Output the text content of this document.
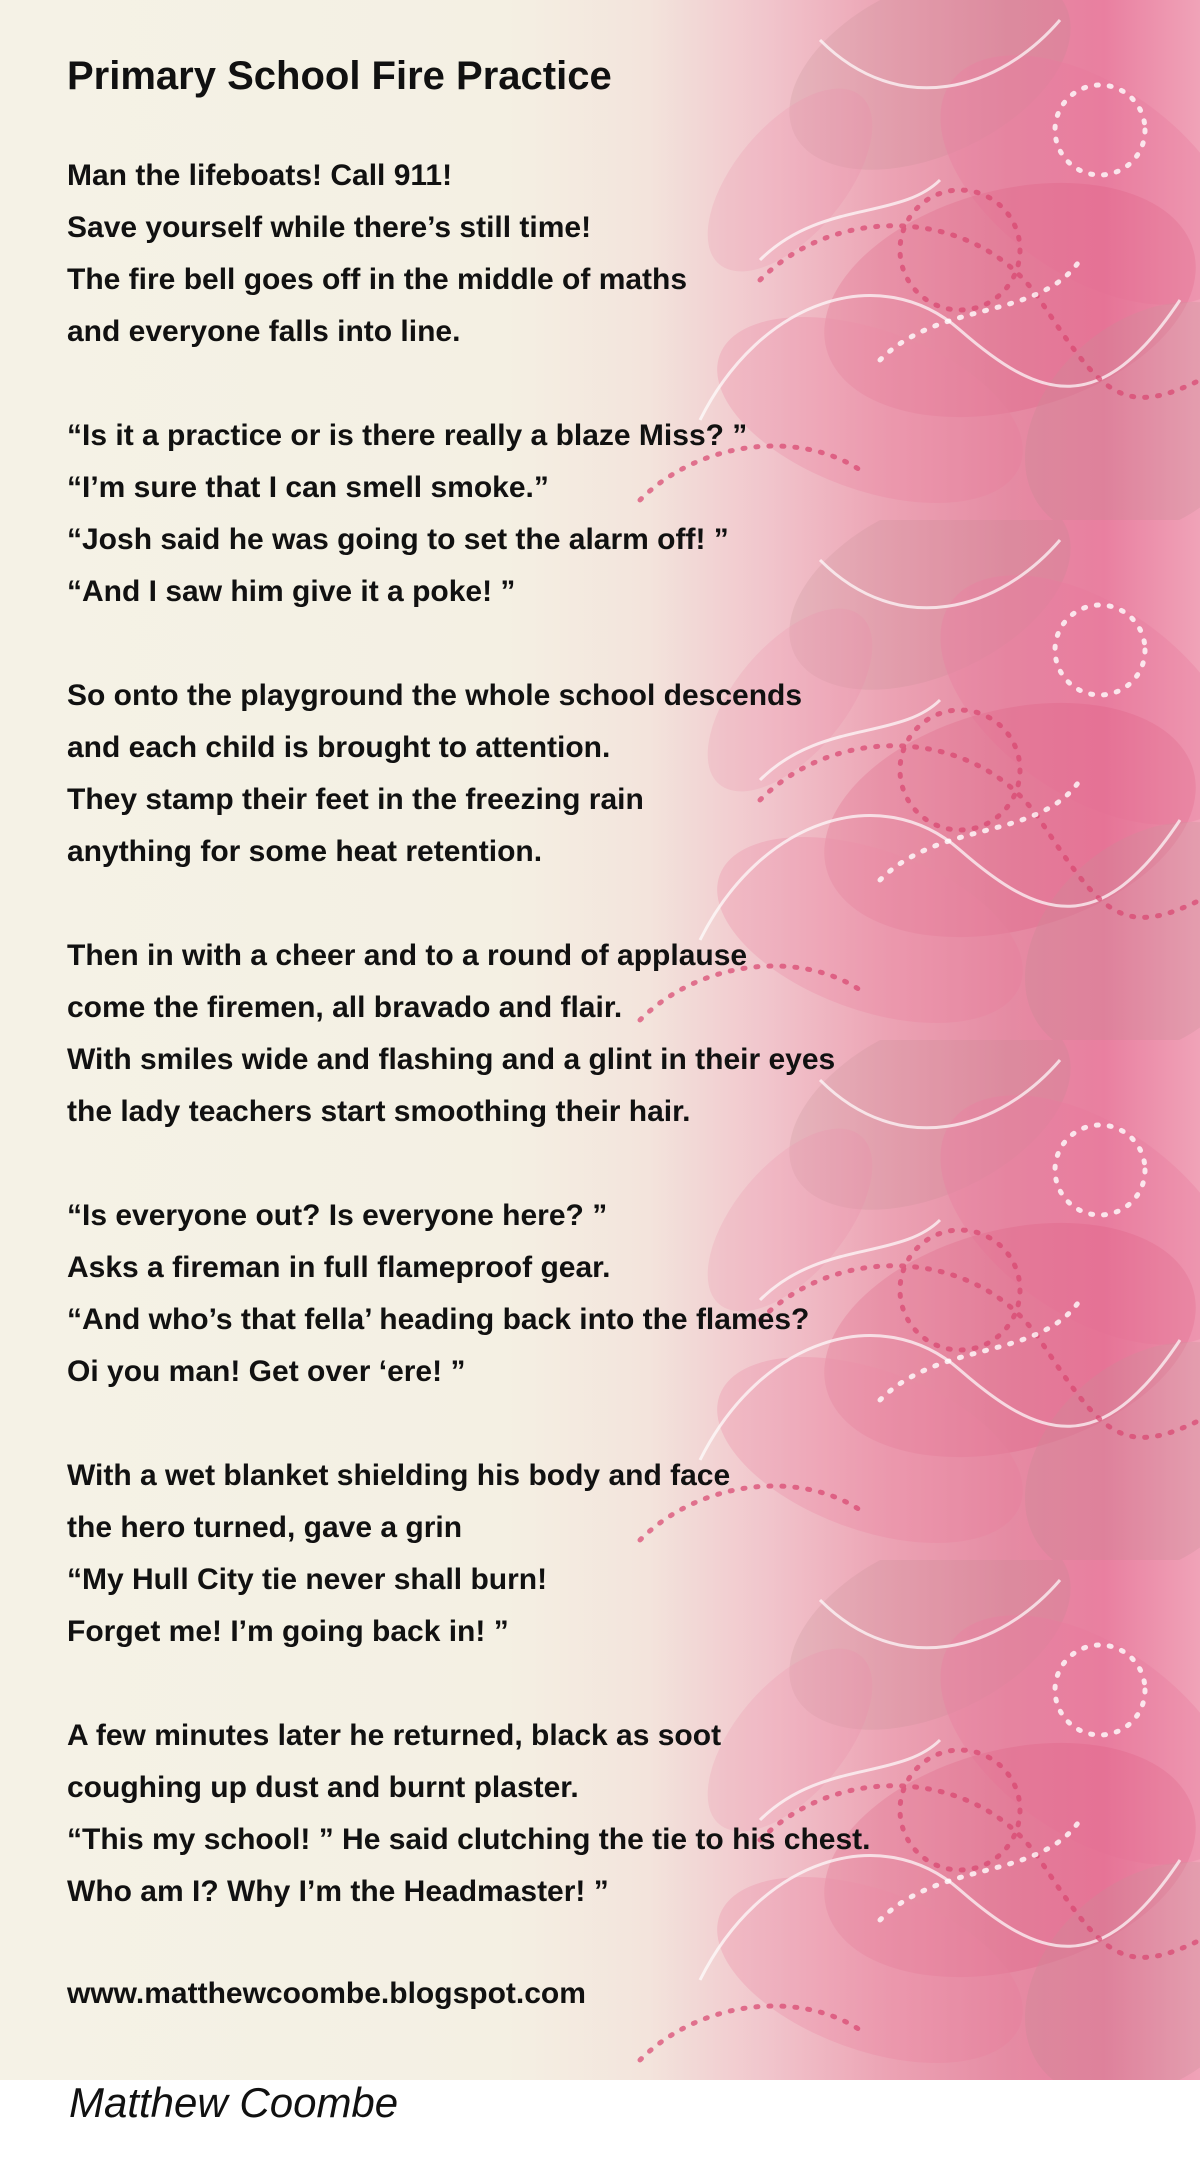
Primary School Fire Practice
Man the lifeboats! Call 911!
Save yourself while there’s still time!
The fire bell goes off in the middle of maths
and everyone falls into line.
“Is it a practice or is there really a blaze Miss? ”
“I’m sure that I can smell smoke.”
“Josh said he was going to set the alarm off! ”
“And I saw him give it a poke! ”
So onto the playground the whole school descends
and each child is brought to attention.
They stamp their feet in the freezing rain
anything for some heat retention.
Then in with a cheer and to a round of applause
come the firemen, all bravado and flair.
With smiles wide and flashing and a glint in their eyes
the lady teachers start smoothing their hair.
“Is everyone out? Is everyone here? ”
Asks a fireman in full flameproof gear.
“And who’s that fella’ heading back into the flames?
Oi you man! Get over ‘ere! ”
With a wet blanket shielding his body and face
the hero turned, gave a grin
“My Hull City tie never shall burn!
Forget me! I’m going back in! ”
A few minutes later he returned, black as soot
coughing up dust and burnt plaster.
“This my school! ” He said clutching the tie to his chest.
Who am I? Why I’m the Headmaster! ”
www.matthewcoombe.blogspot.com
Matthew Coombe
